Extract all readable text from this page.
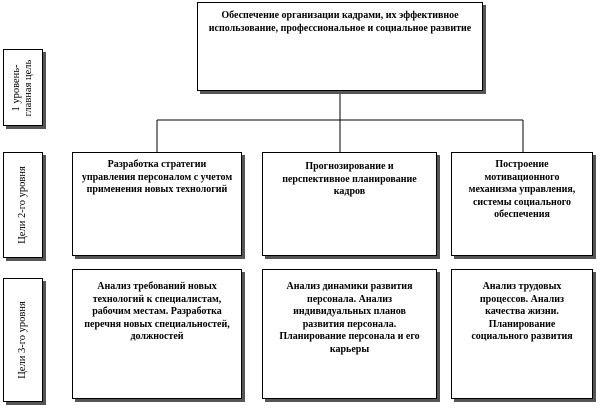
1 уровень-главная цель
Цели 2-го уровня
Цели 3-го уровня
Обеспечение организации кадрами, их эффективное использование, профессиональное и социальное развитие
Разработка стратегии управления персоналом с учетом применения новых технологий
Прогнозирование и перспективное планирование кадров
Построение мотивационного механизма управления, системы социального обеспечения
Анализ требований новых технологий к специалистам, рабочим местам. Разработка перечня новых специальностей, должностей
Анализ динамики развития персонала. Анализ индивидуальных планов развития персонала. Планирование персонала и его карьеры
Анализ трудовых процессов. Анализ качества жизни. Планирование социального развития
